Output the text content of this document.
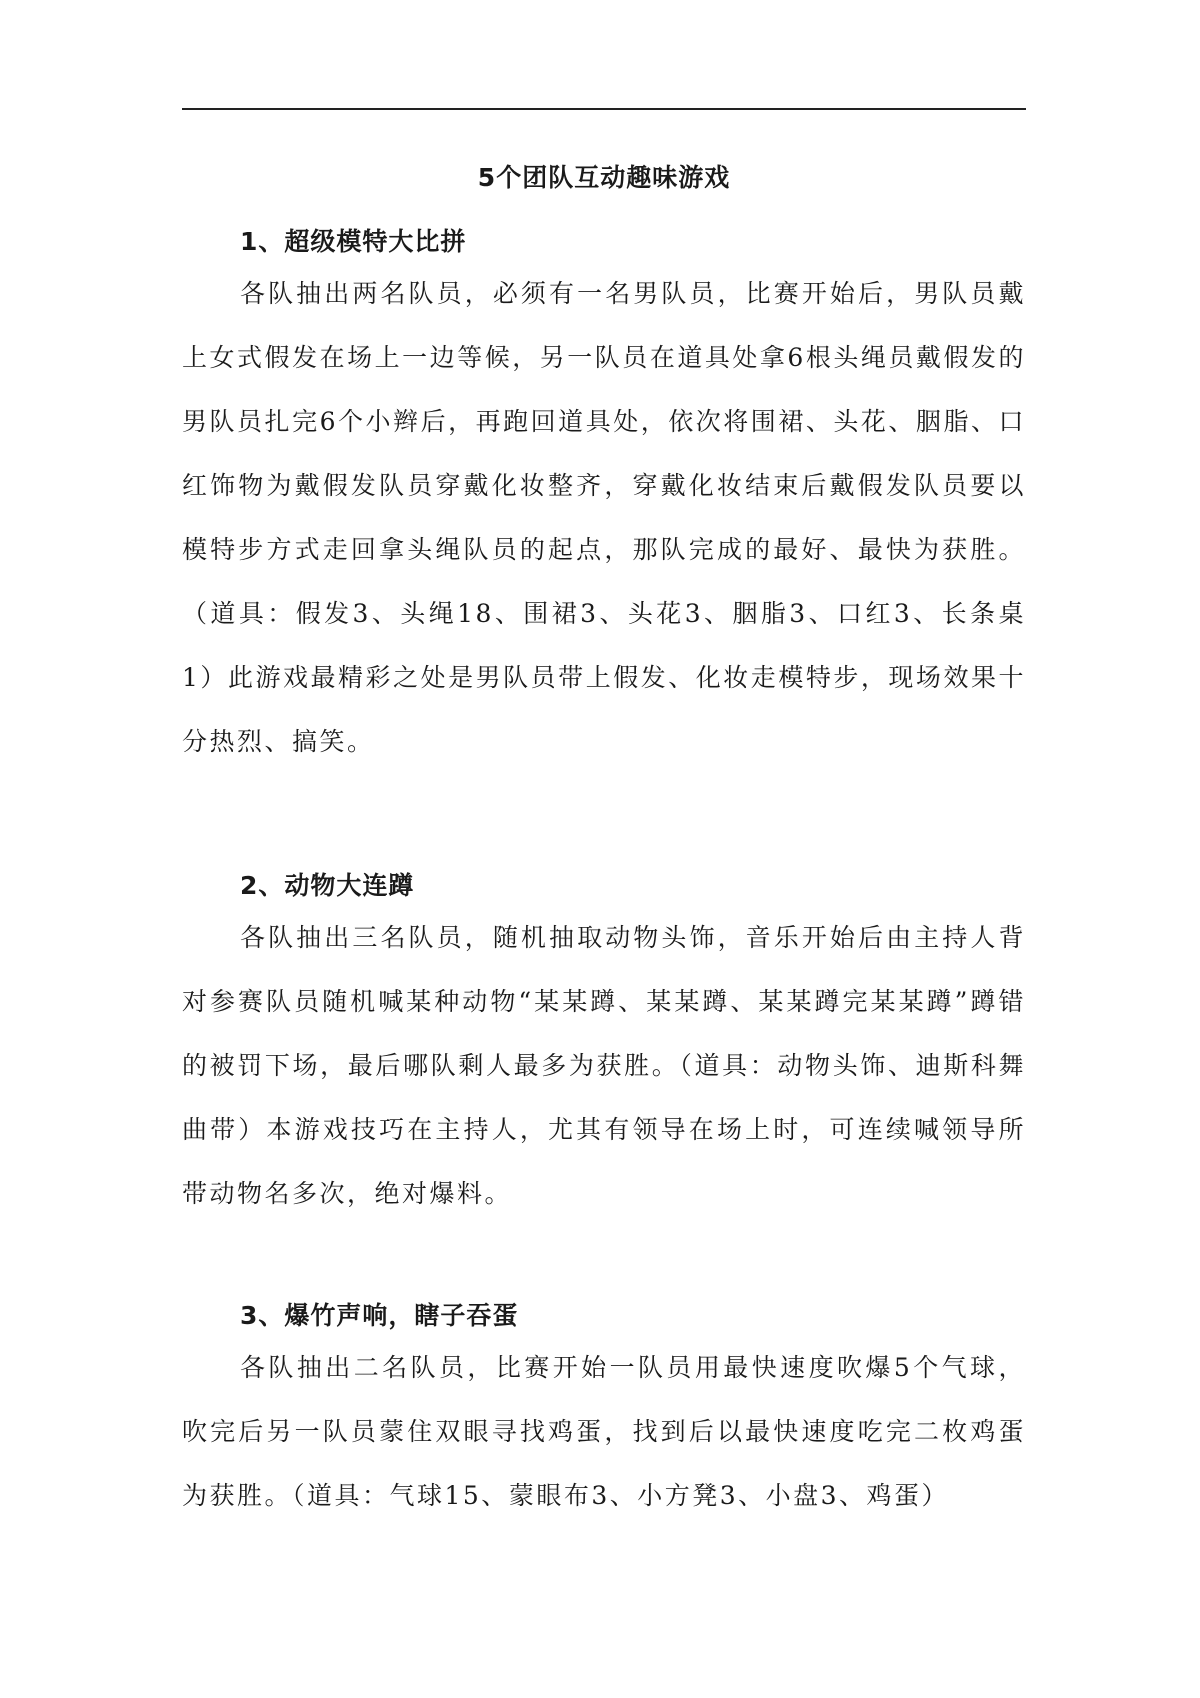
5个团队互动趣味游戏
1、超级模特大比拼

各队抽出两名队员，必须有一名男队员，比赛开始后，男队员戴上女式假发在场上一边等候，另一队员在道具处拿6根头绳员戴假发的男队员扎完6个小辫后，再跑回道具处，依次将围裙、头花、胭脂、口红饰物为戴假发队员穿戴化妆整齐，穿戴化妆结束后戴假发队员要以模特步方式走回拿头绳队员的起点，那队完成的最好、最快为获胜。（道具：假发3、头绳18、围裙3、头花3、胭脂3、口红3、长条桌1）此游戏最精彩之处是男队员带上假发、化妆走模特步，现场效果十分热烈、搞笑。

2、动物大连蹲

各队抽出三名队员，随机抽取动物头饰，音乐开始后由主持人背对参赛队员随机喊某种动物“某某蹲、某某蹲、某某蹲完某某蹲”蹲错的被罚下场，最后哪队剩人最多为获胜。（道具：动物头饰、迪斯科舞曲带）本游戏技巧在主持人，尤其有领导在场上时，可连续喊领导所带动物名多次，绝对爆料。

3、爆竹声响，瞎子吞蛋

各队抽出二名队员，比赛开始一队员用最快速度吹爆5个气球，吹完后另一队员蒙住双眼寻找鸡蛋，找到后以最快速度吃完二枚鸡蛋为获胜。（道具：气球15、蒙眼布3、小方凳3、小盘3、鸡蛋）
